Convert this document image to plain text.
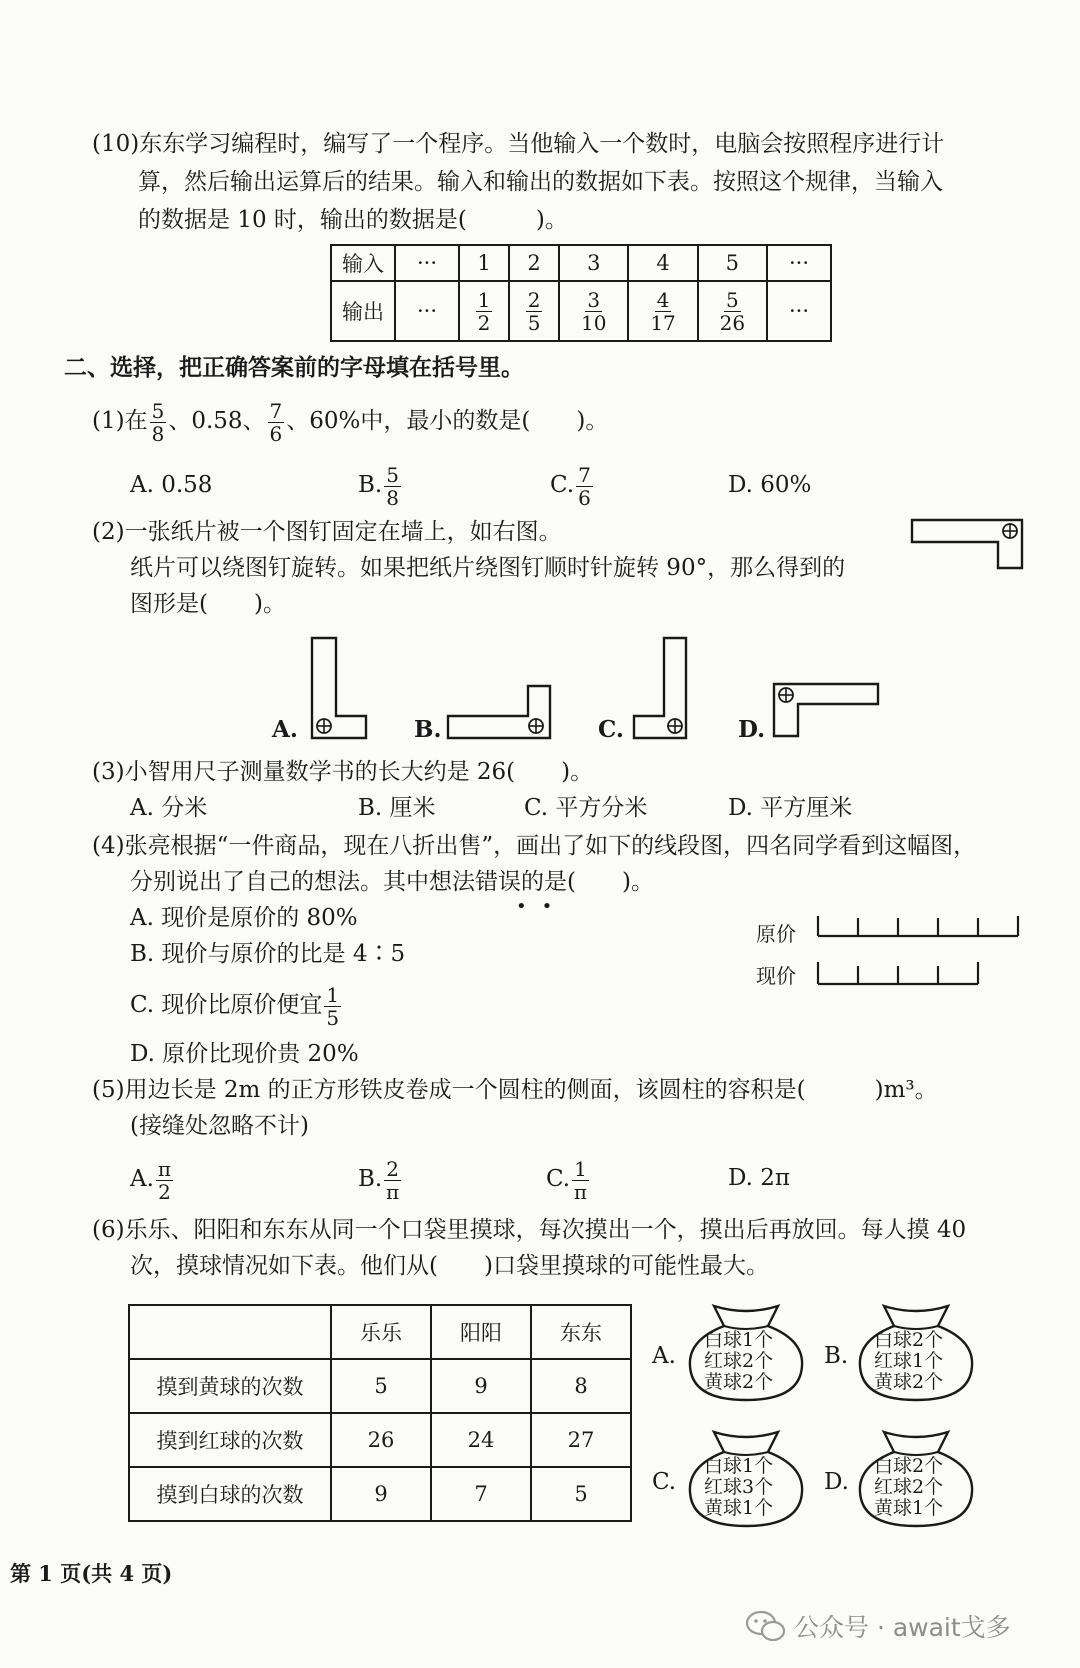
(10)东东学习编程时，编写了一个程序。当他输入一个数时，电脑会按照程序进行计
算，然后输出运算后的结果。输入和输出的数据如下表。按照这个规律，当输入
的数据是 10 时，输出的数据是(　　　)。
输入	···	1	2	3	4	5	···
输出	···	$\frac{1}{2}$	$\frac{2}{5}$	$\frac{3}{10}$	$\frac{4}{17}$	$\frac{5}{26}$	···
二、选择，把正确答案前的字母填在括号里。
(1)在 $\frac{5}{8}$ 、0.58、 $\frac{7}{6}$ 、60%中，最小的数是(　　)。
A. 0.58	B. $\frac{5}{8}$	C. $\frac{7}{6}$	D. 60%
(2)一张纸片被一个图钉固定在墙上，如右图。
纸片可以绕图钉旋转。如果把纸片绕图钉顺时针旋转 90°，那么得到的
图形是(　　)。
A.	B.	C.	D.
(3)小智用尺子测量数学书的长大约是 26(　　)。
A. 分米	B. 厘米	C. 平方分米	D. 平方厘米
(4)张亮根据“一件商品，现在八折出售”，画出了如下的线段图，四名同学看到这幅图，
分别说出了自己的想法。其中想法错误的是(　　)。
••
A. 现价是原价的 80%
B. 现价与原价的比是 4∶5
C. 现价比原价便宜 $\frac{1}{5}$
D. 原价比现价贵 20%
原价
现价
(5)用边长是 2m 的正方形铁皮卷成一个圆柱的侧面，该圆柱的容积是(　　　)m³。
(接缝处忽略不计)
A. $\frac{\pi}{2}$	B. $\frac{2}{\pi}$	C. $\frac{1}{\pi}$	D. 2π
(6)乐乐、阳阳和东东从同一个口袋里摸球，每次摸出一个，摸出后再放回。每人摸 40
次，摸球情况如下表。他们从(　　)口袋里摸球的可能性最大。
	乐乐	阳阳	东东
摸到黄球的次数	5	9	8
摸到红球的次数	26	24	27
摸到白球的次数	9	7	5
A.
白球1个
红球2个
黄球2个
B.
白球2个
红球1个
黄球2个
C.
白球1个
红球3个
黄球1个
D.
白球2个
红球2个
黄球1个
第 1 页(共 4 页)
公众号 · await戈多
